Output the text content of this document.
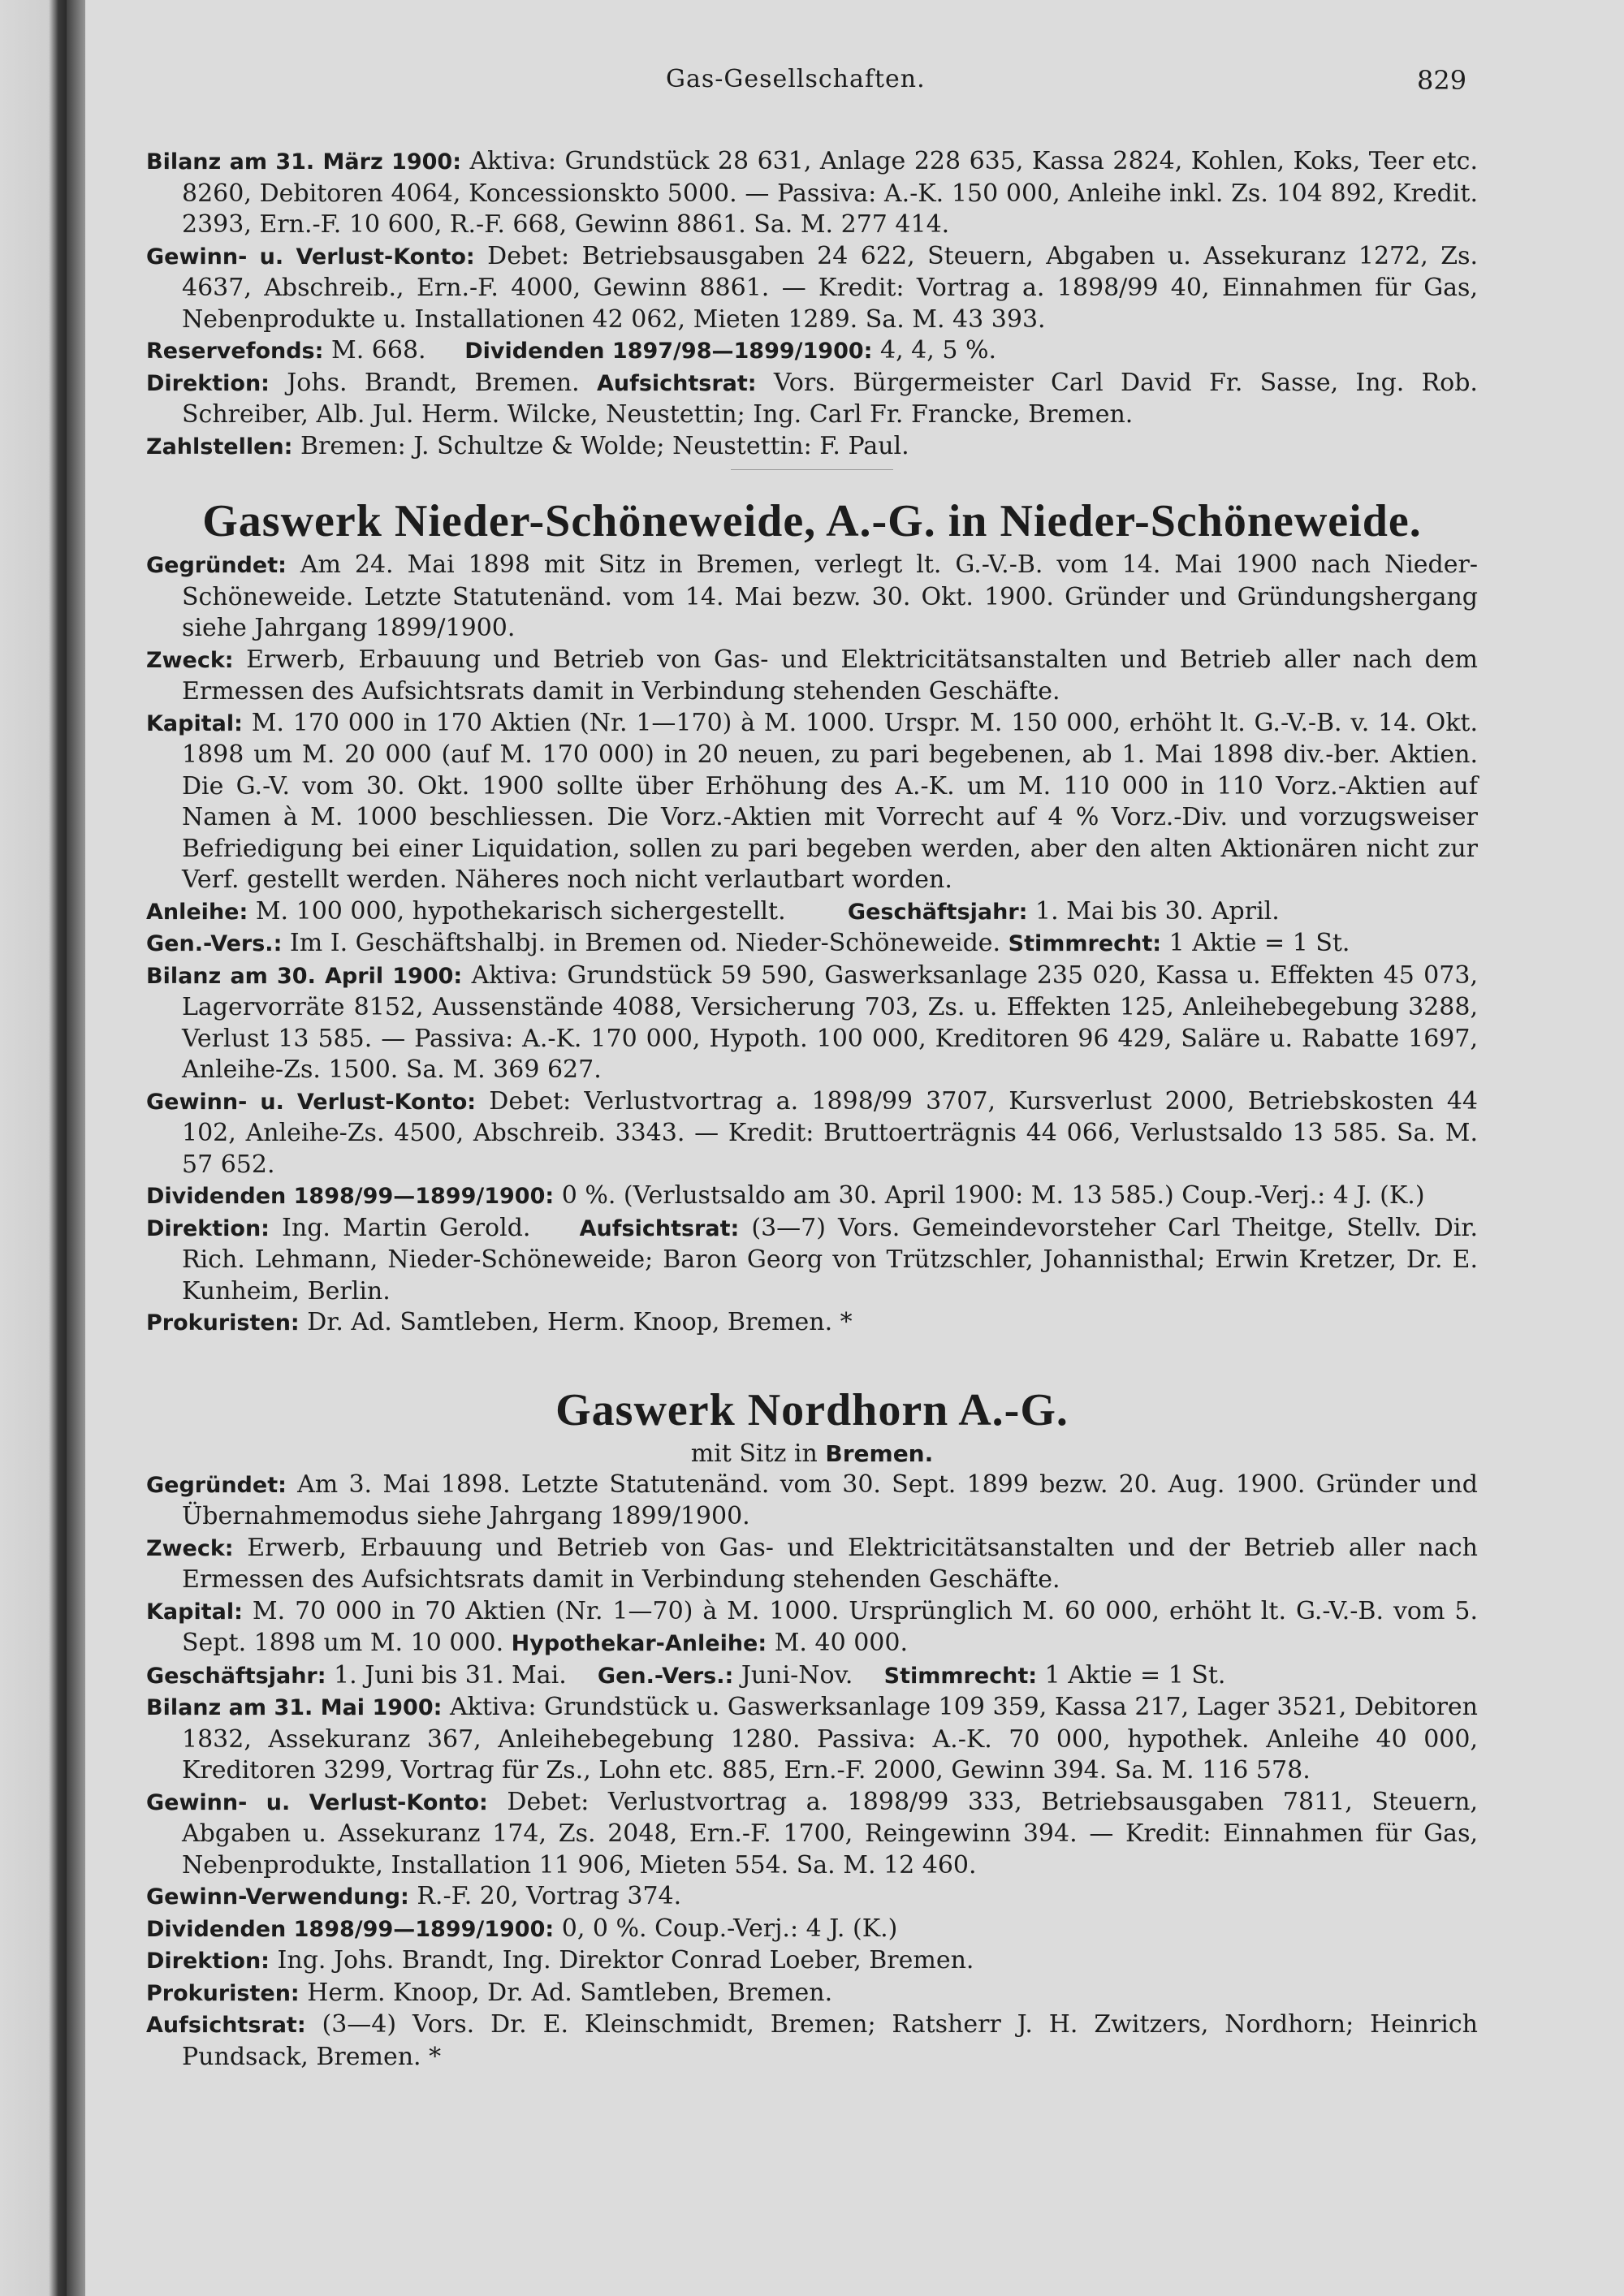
Gas-Gesellschaften.	829

Bilanz am 31. März 1900: Aktiva: Grundstück 28 631, Anlage 228 635, Kassa 2824, Kohlen, Koks, Teer etc. 8260, Debitoren 4064, Koncessionskto 5000. — Passiva: A.-K. 150 000, Anleihe inkl. Zs. 104 892, Kredit. 2393, Ern.-F. 10 600, R.-F. 668, Gewinn 8861. Sa. M. 277 414.

Gewinn- u. Verlust-Konto: Debet: Betriebsausgaben 24 622, Steuern, Abgaben u. Assekuranz 1272, Zs. 4637, Abschreib., Ern.-F. 4000, Gewinn 8861. — Kredit: Vortrag a. 1898/99 40, Einnahmen für Gas, Nebenprodukte u. Installationen 42 062, Mieten 1289. Sa. M. 43 393.

Reservefonds: M. 668. Dividenden 1897/98—1899/1900: 4, 4, 5 %.

Direktion: Johs. Brandt, Bremen. Aufsichtsrat: Vors. Bürgermeister Carl David Fr. Sasse, Ing. Rob. Schreiber, Alb. Jul. Herm. Wilcke, Neustettin; Ing. Carl Fr. Francke, Bremen.

Zahlstellen: Bremen: J. Schultze & Wolde; Neustettin: F. Paul.

Gaswerk Nieder-Schöneweide, A.-G. in Nieder-Schöneweide.

Gegründet: Am 24. Mai 1898 mit Sitz in Bremen, verlegt lt. G.-V.-B. vom 14. Mai 1900 nach Nieder-Schöneweide. Letzte Statutenänd. vom 14. Mai bezw. 30. Okt. 1900. Gründer und Gründungshergang siehe Jahrgang 1899/1900.

Zweck: Erwerb, Erbauung und Betrieb von Gas- und Elektricitätsanstalten und Betrieb aller nach dem Ermessen des Aufsichtsrats damit in Verbindung stehenden Geschäfte.

Kapital: M. 170 000 in 170 Aktien (Nr. 1—170) à M. 1000. Urspr. M. 150 000, erhöht lt. G.-V.-B. v. 14. Okt. 1898 um M. 20 000 (auf M. 170 000) in 20 neuen, zu pari begebenen, ab 1. Mai 1898 div.-ber. Aktien. Die G.-V. vom 30. Okt. 1900 sollte über Erhöhung des A.-K. um M. 110 000 in 110 Vorz.-Aktien auf Namen à M. 1000 beschliessen. Die Vorz.-Aktien mit Vorrecht auf 4 % Vorz.-Div. und vorzugsweiser Befriedigung bei einer Liquidation, sollen zu pari begeben werden, aber den alten Aktionären nicht zur Verf. gestellt werden. Näheres noch nicht verlautbart worden.

Anleihe: M. 100 000, hypothekarisch sichergestellt.	Geschäftsjahr: 1. Mai bis 30. April.

Gen.-Vers.: Im I. Geschäftshalbj. in Bremen od. Nieder-Schöneweide. Stimmrecht: 1 Aktie = 1 St.

Bilanz am 30. April 1900: Aktiva: Grundstück 59 590, Gaswerksanlage 235 020, Kassa u. Effekten 45 073, Lagervorräte 8152, Aussenstände 4088, Versicherung 703, Zs. u. Effekten 125, Anleihebegebung 3288, Verlust 13 585. — Passiva: A.-K. 170 000, Hypoth. 100 000, Kreditoren 96 429, Saläre u. Rabatte 1697, Anleihe-Zs. 1500. Sa. M. 369 627.

Gewinn- u. Verlust-Konto: Debet: Verlustvortrag a. 1898/99 3707, Kursverlust 2000, Betriebskosten 44 102, Anleihe-Zs. 4500, Abschreib. 3343. — Kredit: Bruttoerträgnis 44 066, Verlustsaldo 13 585. Sa. M. 57 652.

Dividenden 1898/99—1899/1900: 0 %. (Verlustsaldo am 30. April 1900: M. 13 585.) Coup.-Verj.: 4 J. (K.)

Direktion: Ing. Martin Gerold. Aufsichtsrat: (3—7) Vors. Gemeindevorsteher Carl Theitge, Stellv. Dir. Rich. Lehmann, Nieder-Schöneweide; Baron Georg von Trützschler, Johannisthal; Erwin Kretzer, Dr. E. Kunheim, Berlin.

Prokuristen: Dr. Ad. Samtleben, Herm. Knoop, Bremen. *

Gaswerk Nordhorn A.-G.
mit Sitz in Bremen.

Gegründet: Am 3. Mai 1898. Letzte Statutenänd. vom 30. Sept. 1899 bezw. 20. Aug. 1900. Gründer und Übernahmemodus siehe Jahrgang 1899/1900.

Zweck: Erwerb, Erbauung und Betrieb von Gas- und Elektricitätsanstalten und der Betrieb aller nach Ermessen des Aufsichtsrats damit in Verbindung stehenden Geschäfte.

Kapital: M. 70 000 in 70 Aktien (Nr. 1—70) à M. 1000. Ursprünglich M. 60 000, erhöht lt. G.-V.-B. vom 5. Sept. 1898 um M. 10 000. Hypothekar-Anleihe: M. 40 000.

Geschäftsjahr: 1. Juni bis 31. Mai. Gen.-Vers.: Juni-Nov. Stimmrecht: 1 Aktie = 1 St.

Bilanz am 31. Mai 1900: Aktiva: Grundstück u. Gaswerksanlage 109 359, Kassa 217, Lager 3521, Debitoren 1832, Assekuranz 367, Anleihebegebung 1280. Passiva: A.-K. 70 000, hypothek. Anleihe 40 000, Kreditoren 3299, Vortrag für Zs., Lohn etc. 885, Ern.-F. 2000, Gewinn 394. Sa. M. 116 578.

Gewinn- u. Verlust-Konto: Debet: Verlustvortrag a. 1898/99 333, Betriebsausgaben 7811, Steuern, Abgaben u. Assekuranz 174, Zs. 2048, Ern.-F. 1700, Reingewinn 394. — Kredit: Einnahmen für Gas, Nebenprodukte, Installation 11 906, Mieten 554. Sa. M. 12 460.

Gewinn-Verwendung: R.-F. 20, Vortrag 374.

Dividenden 1898/99—1899/1900: 0, 0 %. Coup.-Verj.: 4 J. (K.)

Direktion: Ing. Johs. Brandt, Ing. Direktor Conrad Loeber, Bremen.

Prokuristen: Herm. Knoop, Dr. Ad. Samtleben, Bremen.

Aufsichtsrat: (3—4) Vors. Dr. E. Kleinschmidt, Bremen; Ratsherr J. H. Zwitzers, Nordhorn; Heinrich Pundsack, Bremen. *
